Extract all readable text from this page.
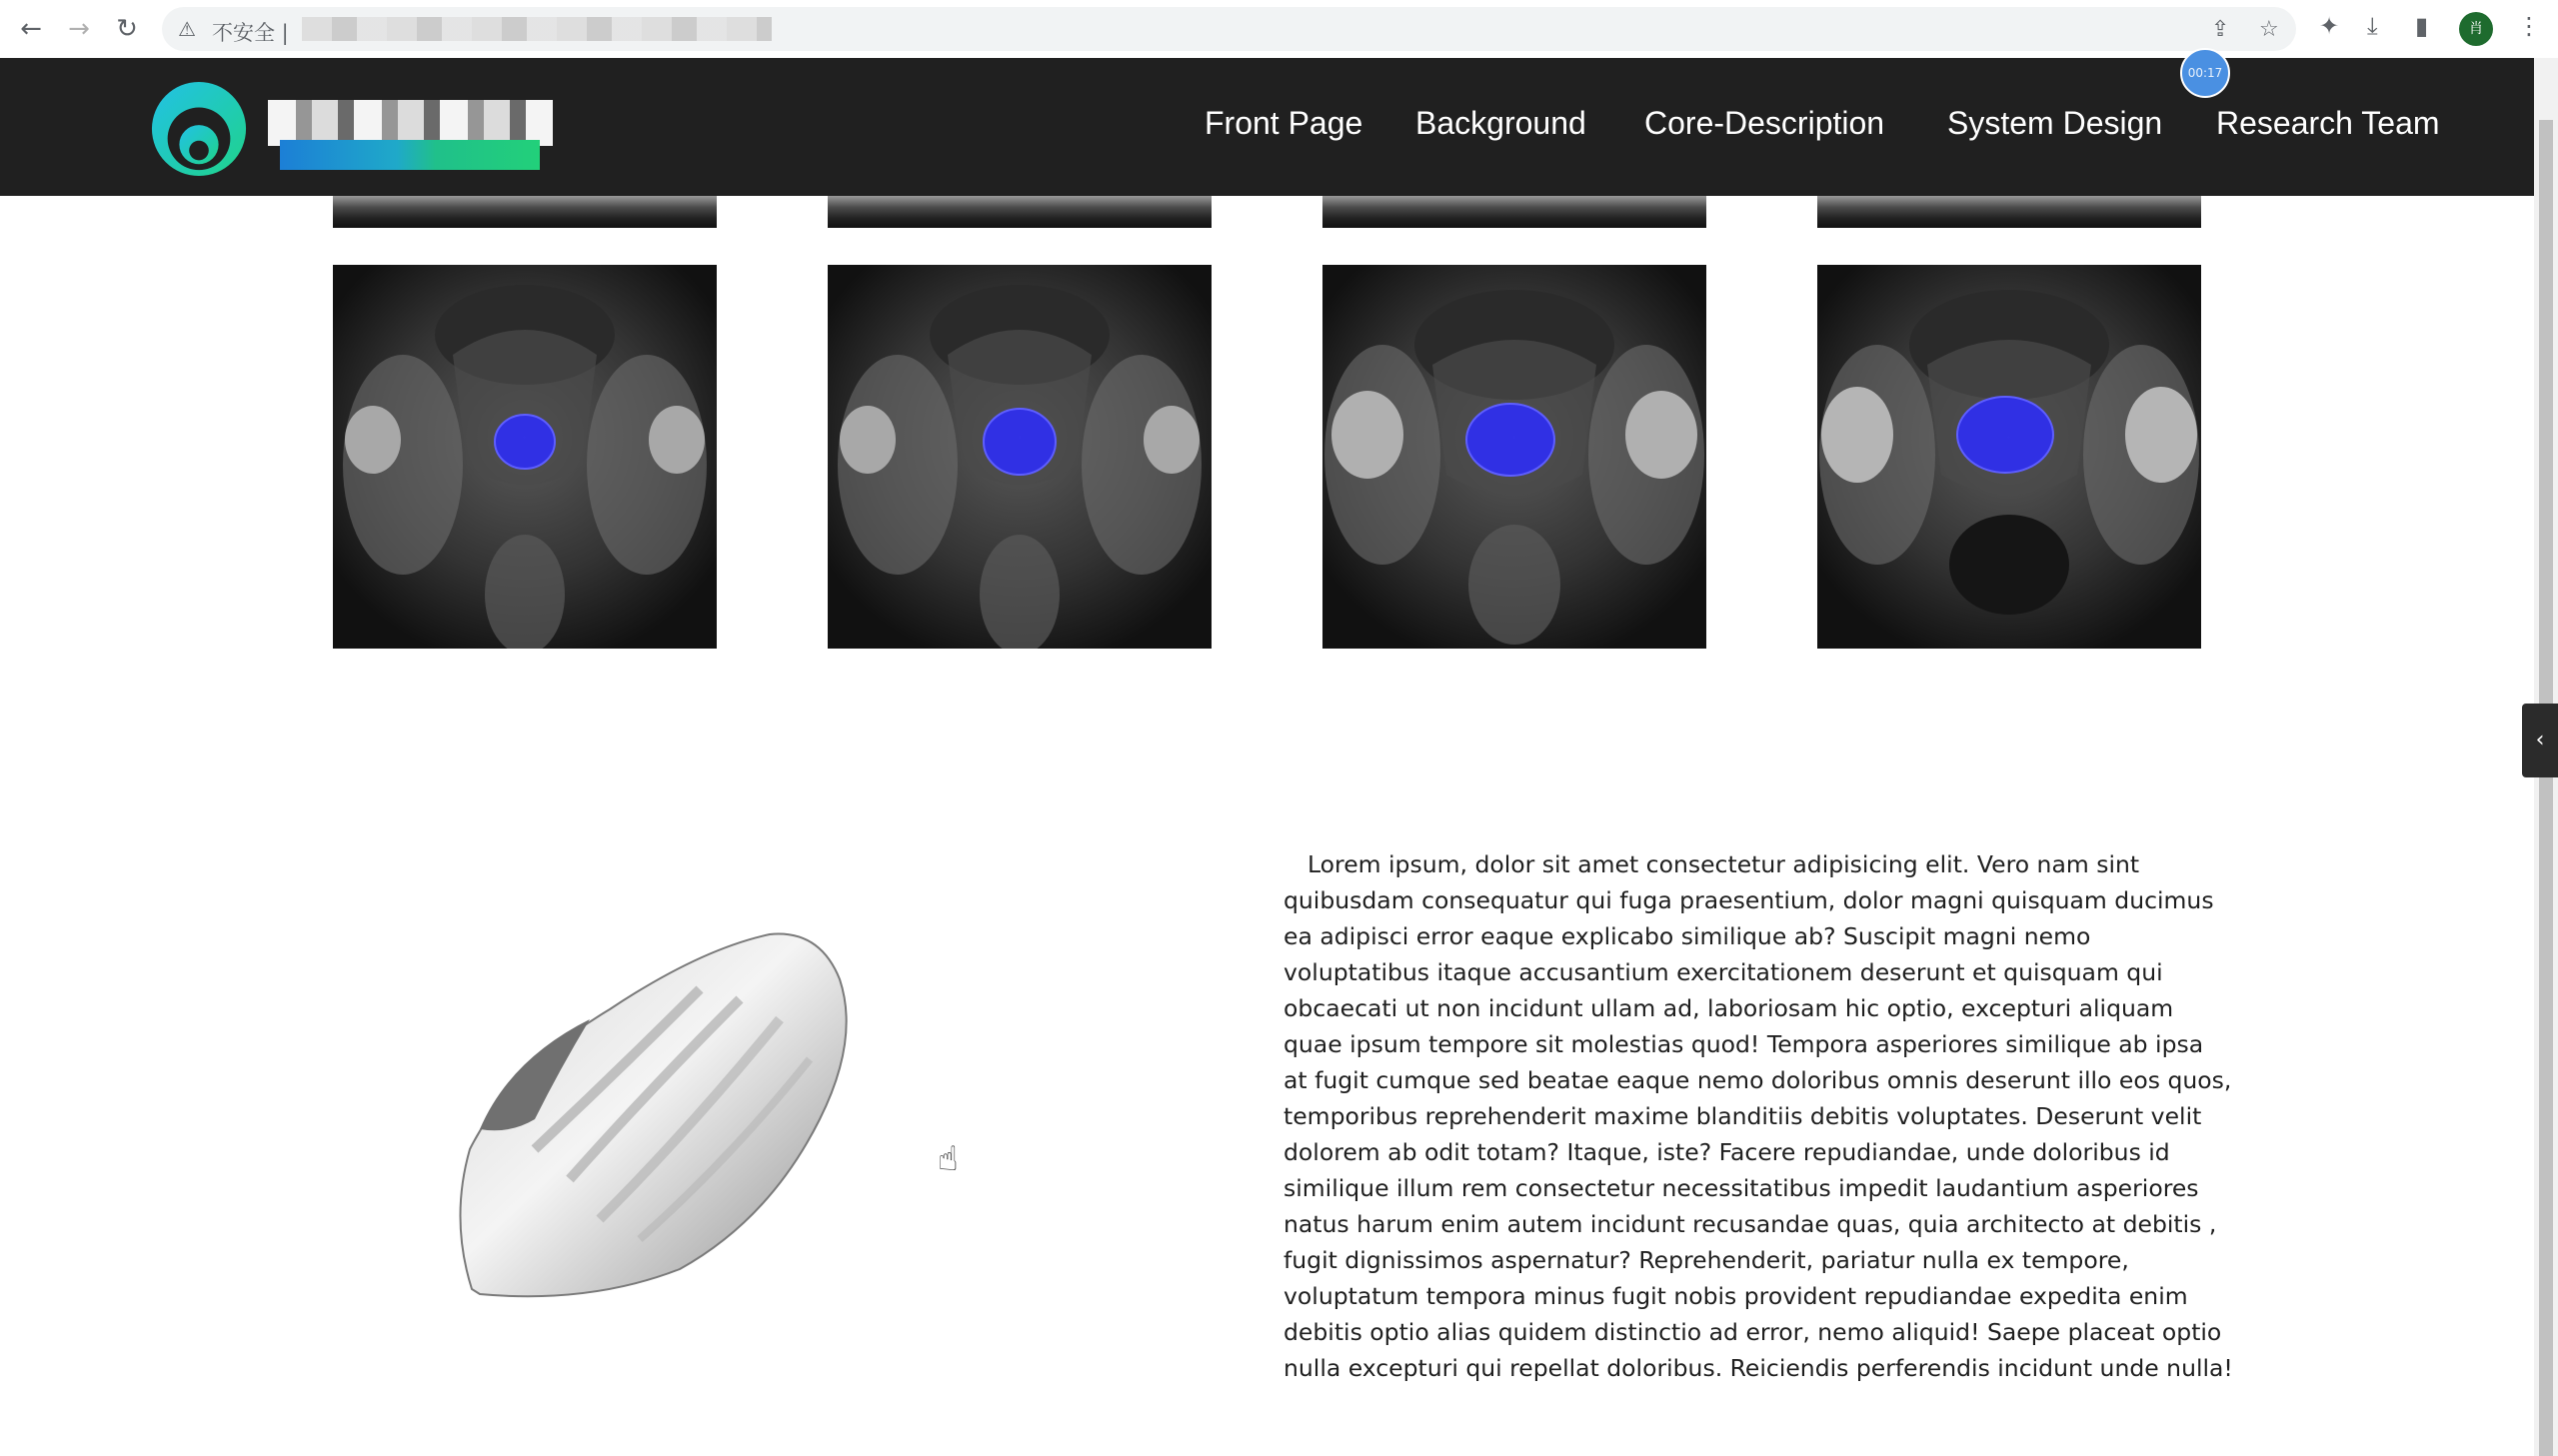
← → ↻	⚠ 不安全 |	⇪ ☆ ✦ ⤓ ▮	肖	⋮
Front Page Background Core-Description System Design Research Team
00:17
‹
☝

Lorem ipsum, dolor sit amet consectetur adipisicing elit. Vero nam sint quibusdam consequatur qui fuga praesentium, dolor magni quisquam ducimus ea adipisci error eaque explicabo similique ab? Suscipit magni nemo voluptatibus itaque accusantium exercitationem deserunt et quisquam qui obcaecati ut non incidunt ullam ad, laboriosam hic optio, excepturi aliquam quae ipsum tempore sit molestias quod! Tempora asperiores similique ab ipsa at fugit cumque sed beatae eaque nemo doloribus omnis deserunt illo eos quos, temporibus reprehenderit maxime blanditiis debitis voluptates. Deserunt velit dolorem ab odit totam? Itaque, iste? Facere repudiandae, unde doloribus id similique illum rem consectetur necessitatibus impedit laudantium asperiores natus harum enim autem incidunt recusandae quas, quia architecto at debitis , fugit dignissimos aspernatur? Reprehenderit, pariatur nulla ex tempore, voluptatum tempora minus fugit nobis provident repudiandae expedita enim debitis optio alias quidem distinctio ad error, nemo aliquid! Saepe placeat optio nulla excepturi qui repellat doloribus. Reiciendis perferendis incidunt unde nulla!
